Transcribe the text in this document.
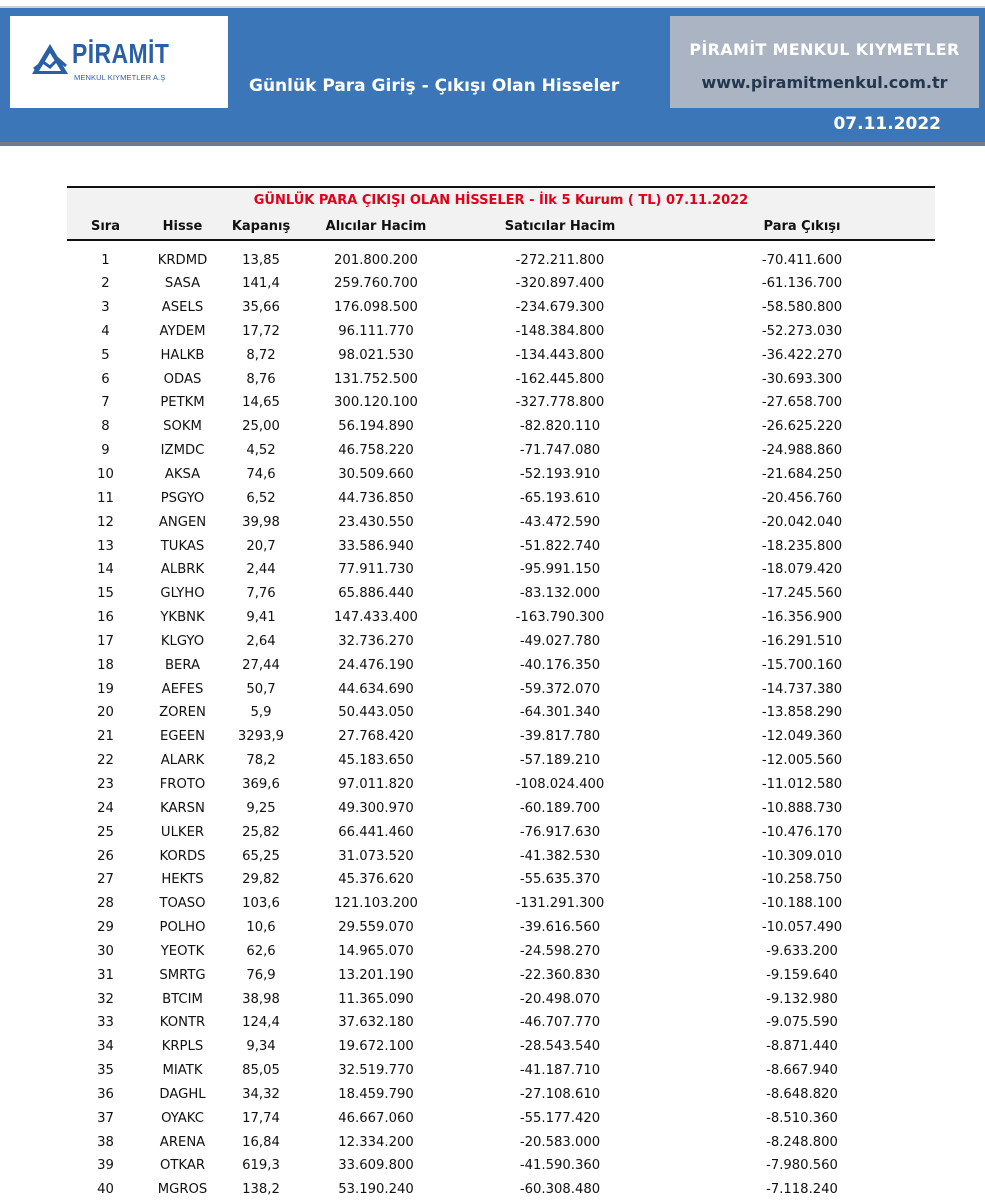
PİRAMİT
MENKUL KIYMETLER A.Ş	Günlük Para Giriş - Çıkışı Olan Hisseler
PİRAMİT MENKUL KIYMETLER
www.piramitmenkul.com.tr
07.11.2022
GÜNLÜK PARA ÇIKIŞI OLAN HİSSELER - İlk 5 Kurum ( TL) 07.11.2022
Sıra	Hisse	Kapanış	Alıcılar Hacim	Satıcılar Hacim	Para Çıkışı
1	KRDMD	13,85	201.800.200	-272.211.800	-70.411.600
2	SASA	141,4	259.760.700	-320.897.400	-61.136.700
3	ASELS	35,66	176.098.500	-234.679.300	-58.580.800
4	AYDEM	17,72	96.111.770	-148.384.800	-52.273.030
5	HALKB	8,72	98.021.530	-134.443.800	-36.422.270
6	ODAS	8,76	131.752.500	-162.445.800	-30.693.300
7	PETKM	14,65	300.120.100	-327.778.800	-27.658.700
8	SOKM	25,00	56.194.890	-82.820.110	-26.625.220
9	IZMDC	4,52	46.758.220	-71.747.080	-24.988.860
10	AKSA	74,6	30.509.660	-52.193.910	-21.684.250
11	PSGYO	6,52	44.736.850	-65.193.610	-20.456.760
12	ANGEN	39,98	23.430.550	-43.472.590	-20.042.040
13	TUKAS	20,7	33.586.940	-51.822.740	-18.235.800
14	ALBRK	2,44	77.911.730	-95.991.150	-18.079.420
15	GLYHO	7,76	65.886.440	-83.132.000	-17.245.560
16	YKBNK	9,41	147.433.400	-163.790.300	-16.356.900
17	KLGYO	2,64	32.736.270	-49.027.780	-16.291.510
18	BERA	27,44	24.476.190	-40.176.350	-15.700.160
19	AEFES	50,7	44.634.690	-59.372.070	-14.737.380
20	ZOREN	5,9	50.443.050	-64.301.340	-13.858.290
21	EGEEN	3293,9	27.768.420	-39.817.780	-12.049.360
22	ALARK	78,2	45.183.650	-57.189.210	-12.005.560
23	FROTO	369,6	97.011.820	-108.024.400	-11.012.580
24	KARSN	9,25	49.300.970	-60.189.700	-10.888.730
25	ULKER	25,82	66.441.460	-76.917.630	-10.476.170
26	KORDS	65,25	31.073.520	-41.382.530	-10.309.010
27	HEKTS	29,82	45.376.620	-55.635.370	-10.258.750
28	TOASO	103,6	121.103.200	-131.291.300	-10.188.100
29	POLHO	10,6	29.559.070	-39.616.560	-10.057.490
30	YEOTK	62,6	14.965.070	-24.598.270	-9.633.200
31	SMRTG	76,9	13.201.190	-22.360.830	-9.159.640
32	BTCIM	38,98	11.365.090	-20.498.070	-9.132.980
33	KONTR	124,4	37.632.180	-46.707.770	-9.075.590
34	KRPLS	9,34	19.672.100	-28.543.540	-8.871.440
35	MIATK	85,05	32.519.770	-41.187.710	-8.667.940
36	DAGHL	34,32	18.459.790	-27.108.610	-8.648.820
37	OYAKC	17,74	46.667.060	-55.177.420	-8.510.360
38	ARENA	16,84	12.334.200	-20.583.000	-8.248.800
39	OTKAR	619,3	33.609.800	-41.590.360	-7.980.560
40	MGROS	138,2	53.190.240	-60.308.480	-7.118.240
